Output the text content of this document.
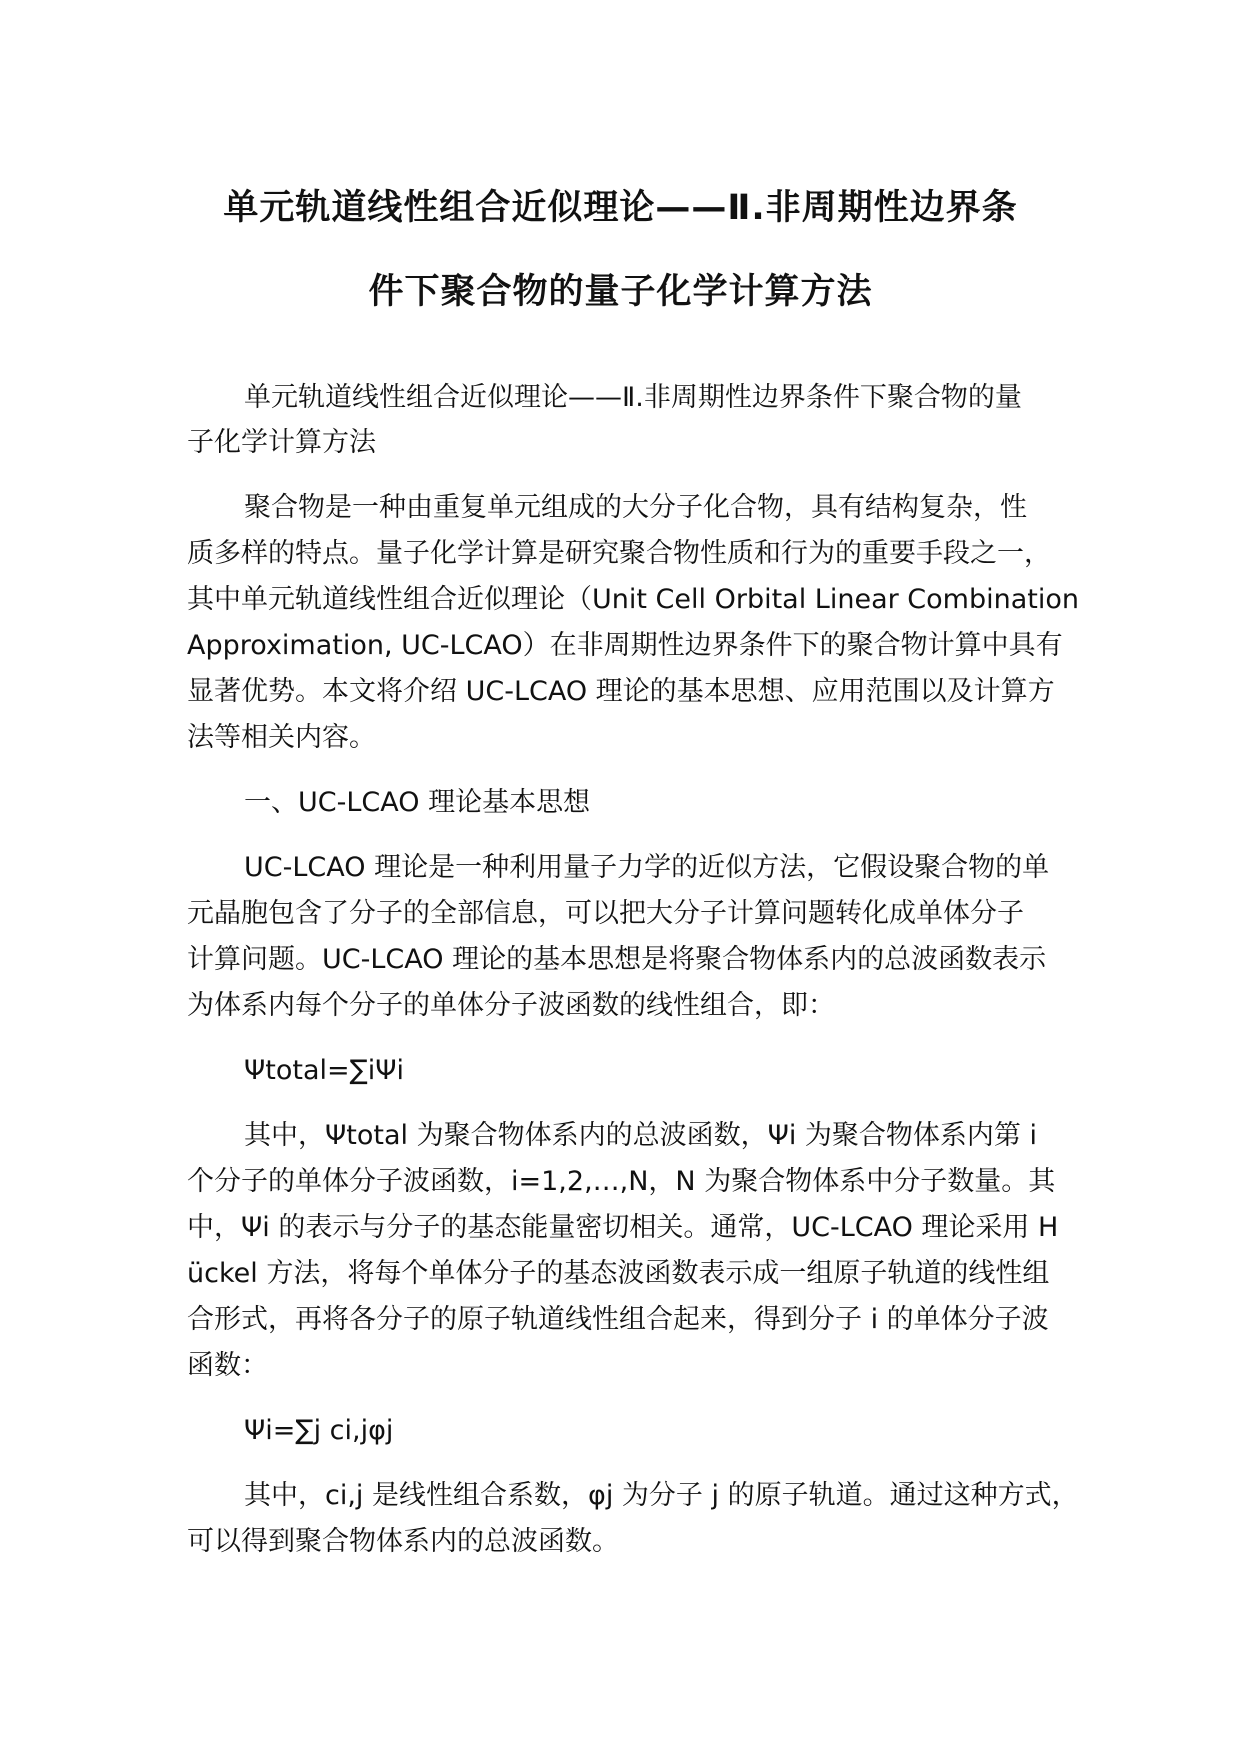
单元轨道线性组合近似理论——Ⅱ.非周期性边界条
件下聚合物的量子化学计算方法
单元轨道线性组合近似理论——Ⅱ.非周期性边界条件下聚合物的量
子化学计算方法
聚合物是一种由重复单元组成的大分子化合物，具有结构复杂，性
质多样的特点。量子化学计算是研究聚合物性质和行为的重要手段之一，
其中单元轨道线性组合近似理论（Unit Cell Orbital Linear Combination
Approximation, UC-LCAO）在非周期性边界条件下的聚合物计算中具有
显著优势。本文将介绍 UC-LCAO 理论的基本思想、应用范围以及计算方
法等相关内容。
一、UC-LCAO 理论基本思想
UC-LCAO 理论是一种利用量子力学的近似方法，它假设聚合物的单
元晶胞包含了分子的全部信息，可以把大分子计算问题转化成单体分子
计算问题。UC-LCAO 理论的基本思想是将聚合物体系内的总波函数表示
为体系内每个分子的单体分子波函数的线性组合，即：
Ψtotal=∑iΨi
其中，Ψtotal 为聚合物体系内的总波函数，Ψi 为聚合物体系内第 i
个分子的单体分子波函数，i=1,2,…,N，N 为聚合物体系中分子数量。其
中，Ψi 的表示与分子的基态能量密切相关。通常，UC-LCAO 理论采用 H
ückel 方法，将每个单体分子的基态波函数表示成一组原子轨道的线性组
合形式，再将各分子的原子轨道线性组合起来，得到分子 i 的单体分子波
函数：
Ψi=∑j ci,jφj
其中，ci,j 是线性组合系数，φj 为分子 j 的原子轨道。通过这种方式，
可以得到聚合物体系内的总波函数。
